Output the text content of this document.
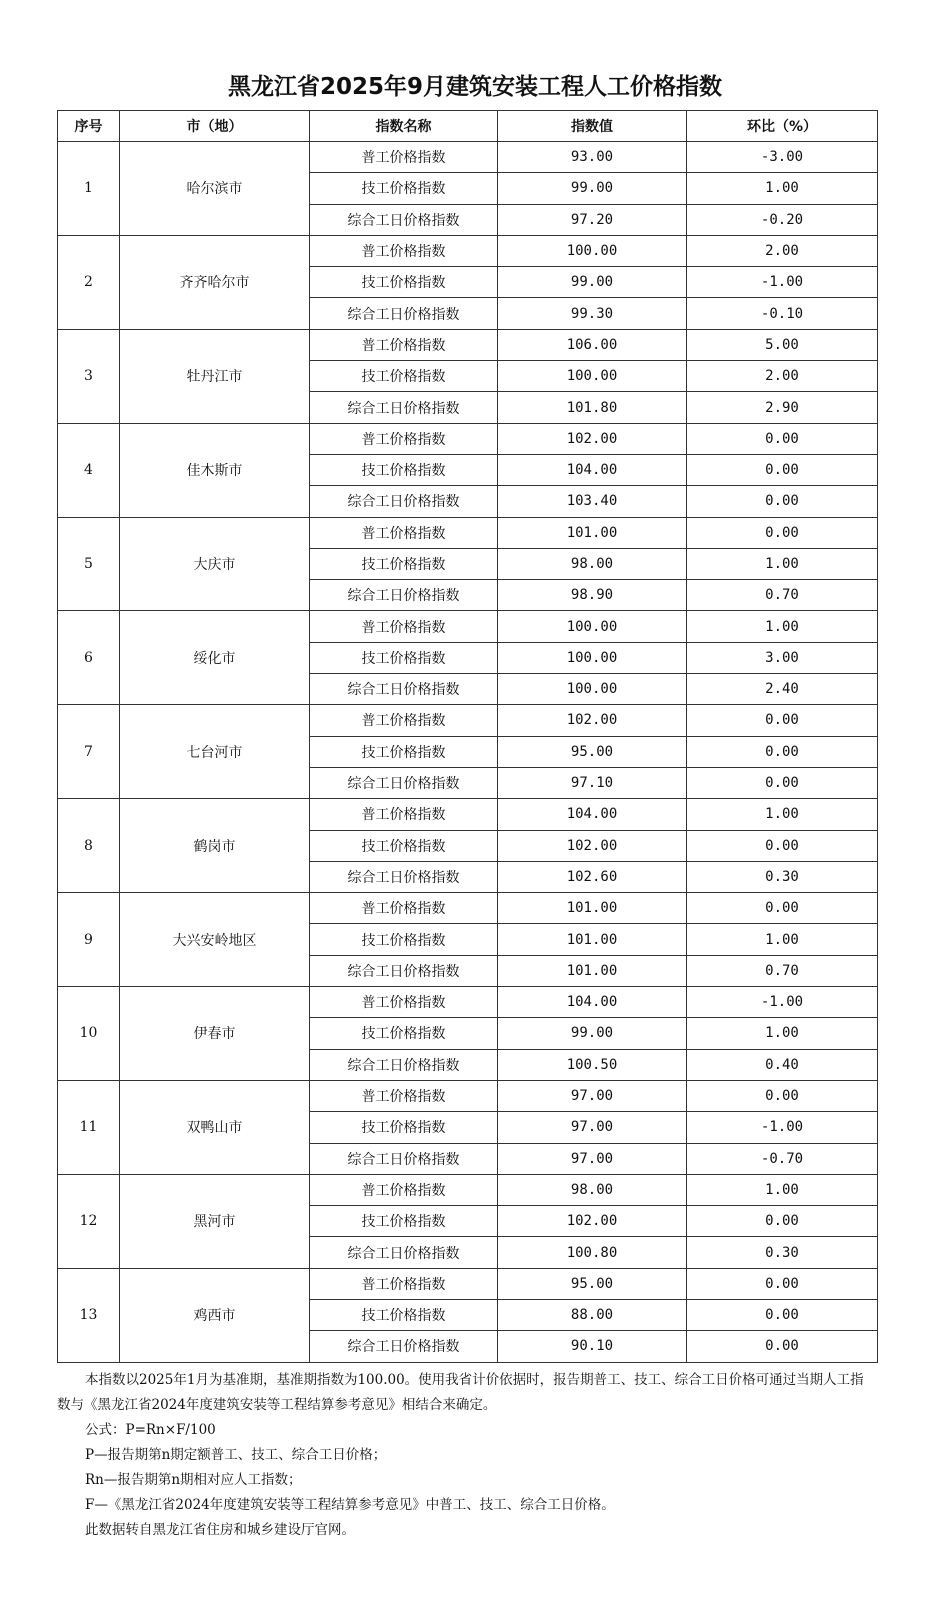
黑龙江省2025年9月建筑安装工程人工价格指数
序号	市（地）	指数名称	指数值	环比（%）
1	哈尔滨市	普工价格指数	93.00	-3.00
		技工价格指数	99.00	1.00
		综合工日价格指数	97.20	-0.20
2	齐齐哈尔市	普工价格指数	100.00	2.00
		技工价格指数	99.00	-1.00
		综合工日价格指数	99.30	-0.10
3	牡丹江市	普工价格指数	106.00	5.00
		技工价格指数	100.00	2.00
		综合工日价格指数	101.80	2.90
4	佳木斯市	普工价格指数	102.00	0.00
		技工价格指数	104.00	0.00
		综合工日价格指数	103.40	0.00
5	大庆市	普工价格指数	101.00	0.00
		技工价格指数	98.00	1.00
		综合工日价格指数	98.90	0.70
6	绥化市	普工价格指数	100.00	1.00
		技工价格指数	100.00	3.00
		综合工日价格指数	100.00	2.40
7	七台河市	普工价格指数	102.00	0.00
		技工价格指数	95.00	0.00
		综合工日价格指数	97.10	0.00
8	鹤岗市	普工价格指数	104.00	1.00
		技工价格指数	102.00	0.00
		综合工日价格指数	102.60	0.30
9	大兴安岭地区	普工价格指数	101.00	0.00
		技工价格指数	101.00	1.00
		综合工日价格指数	101.00	0.70
10	伊春市	普工价格指数	104.00	-1.00
		技工价格指数	99.00	1.00
		综合工日价格指数	100.50	0.40
11	双鸭山市	普工价格指数	97.00	0.00
		技工价格指数	97.00	-1.00
		综合工日价格指数	97.00	-0.70
12	黑河市	普工价格指数	98.00	1.00
		技工价格指数	102.00	0.00
		综合工日价格指数	100.80	0.30
13	鸡西市	普工价格指数	95.00	0.00
		技工价格指数	88.00	0.00
		综合工日价格指数	90.10	0.00

本指数以2025年1月为基准期，基准期指数为100.00。使用我省计价依据时，报告期普工、技工、综合工日价格可通过当期人工指数与《黑龙江省2024年度建筑安装等工程结算参考意见》相结合来确定。

公式：P=Rn×F/100

P—报告期第n期定额普工、技工、综合工日价格；

Rn—报告期第n期相对应人工指数；

F—《黑龙江省2024年度建筑安装等工程结算参考意见》中普工、技工、综合工日价格。

此数据转自黑龙江省住房和城乡建设厅官网。
